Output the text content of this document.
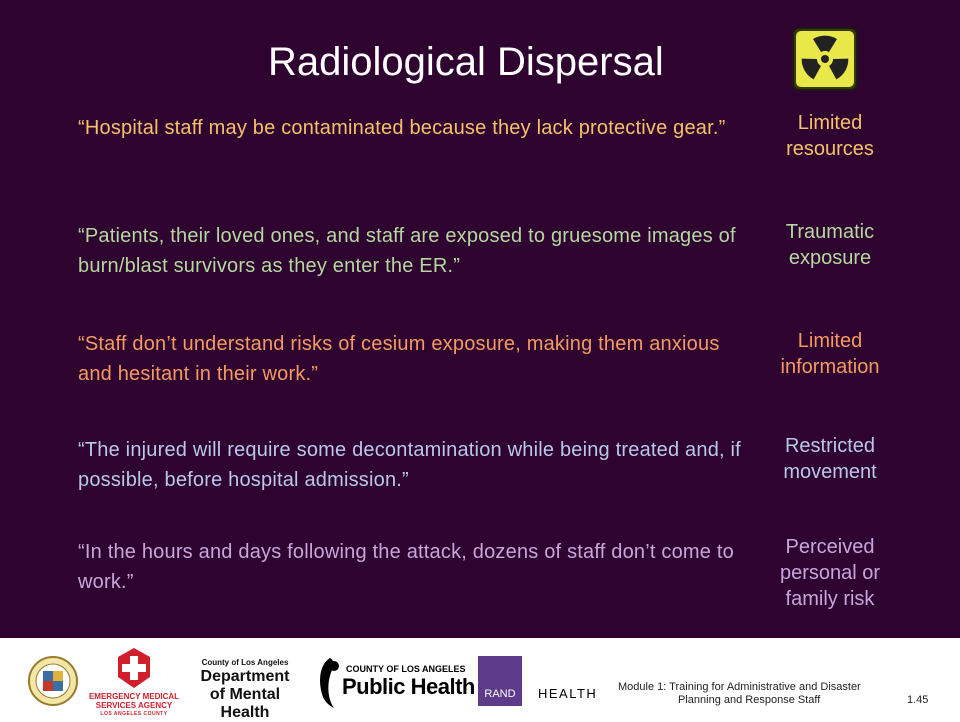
Radiological Dispersal
“Hospital staff may be contaminated because they lack protective gear.”
“Patients, their loved ones, and staff are exposed to gruesome images of burn/blast survivors as they enter the ER.”
“Staff don’t understand risks of cesium exposure, making them anxious and hesitant in their work.”
“The injured will require some decontamination while being treated and, if possible, before hospital admission.”
“In the hours and days following the attack, dozens of staff don’t come to work.”
Limited resources
Traumatic exposure
Limited information
Restricted movement
Perceived personal or family risk
EMERGENCY MEDICAL
SERVICES AGENCY
LOS ANGELES COUNTY
County of Los Angeles
Department
of Mental Health
COUNTY OF LOS ANGELES
Public Health RAND	HEALTH Module 1: Training for Administrative and Disaster
Planning and Response Staff	1.45
